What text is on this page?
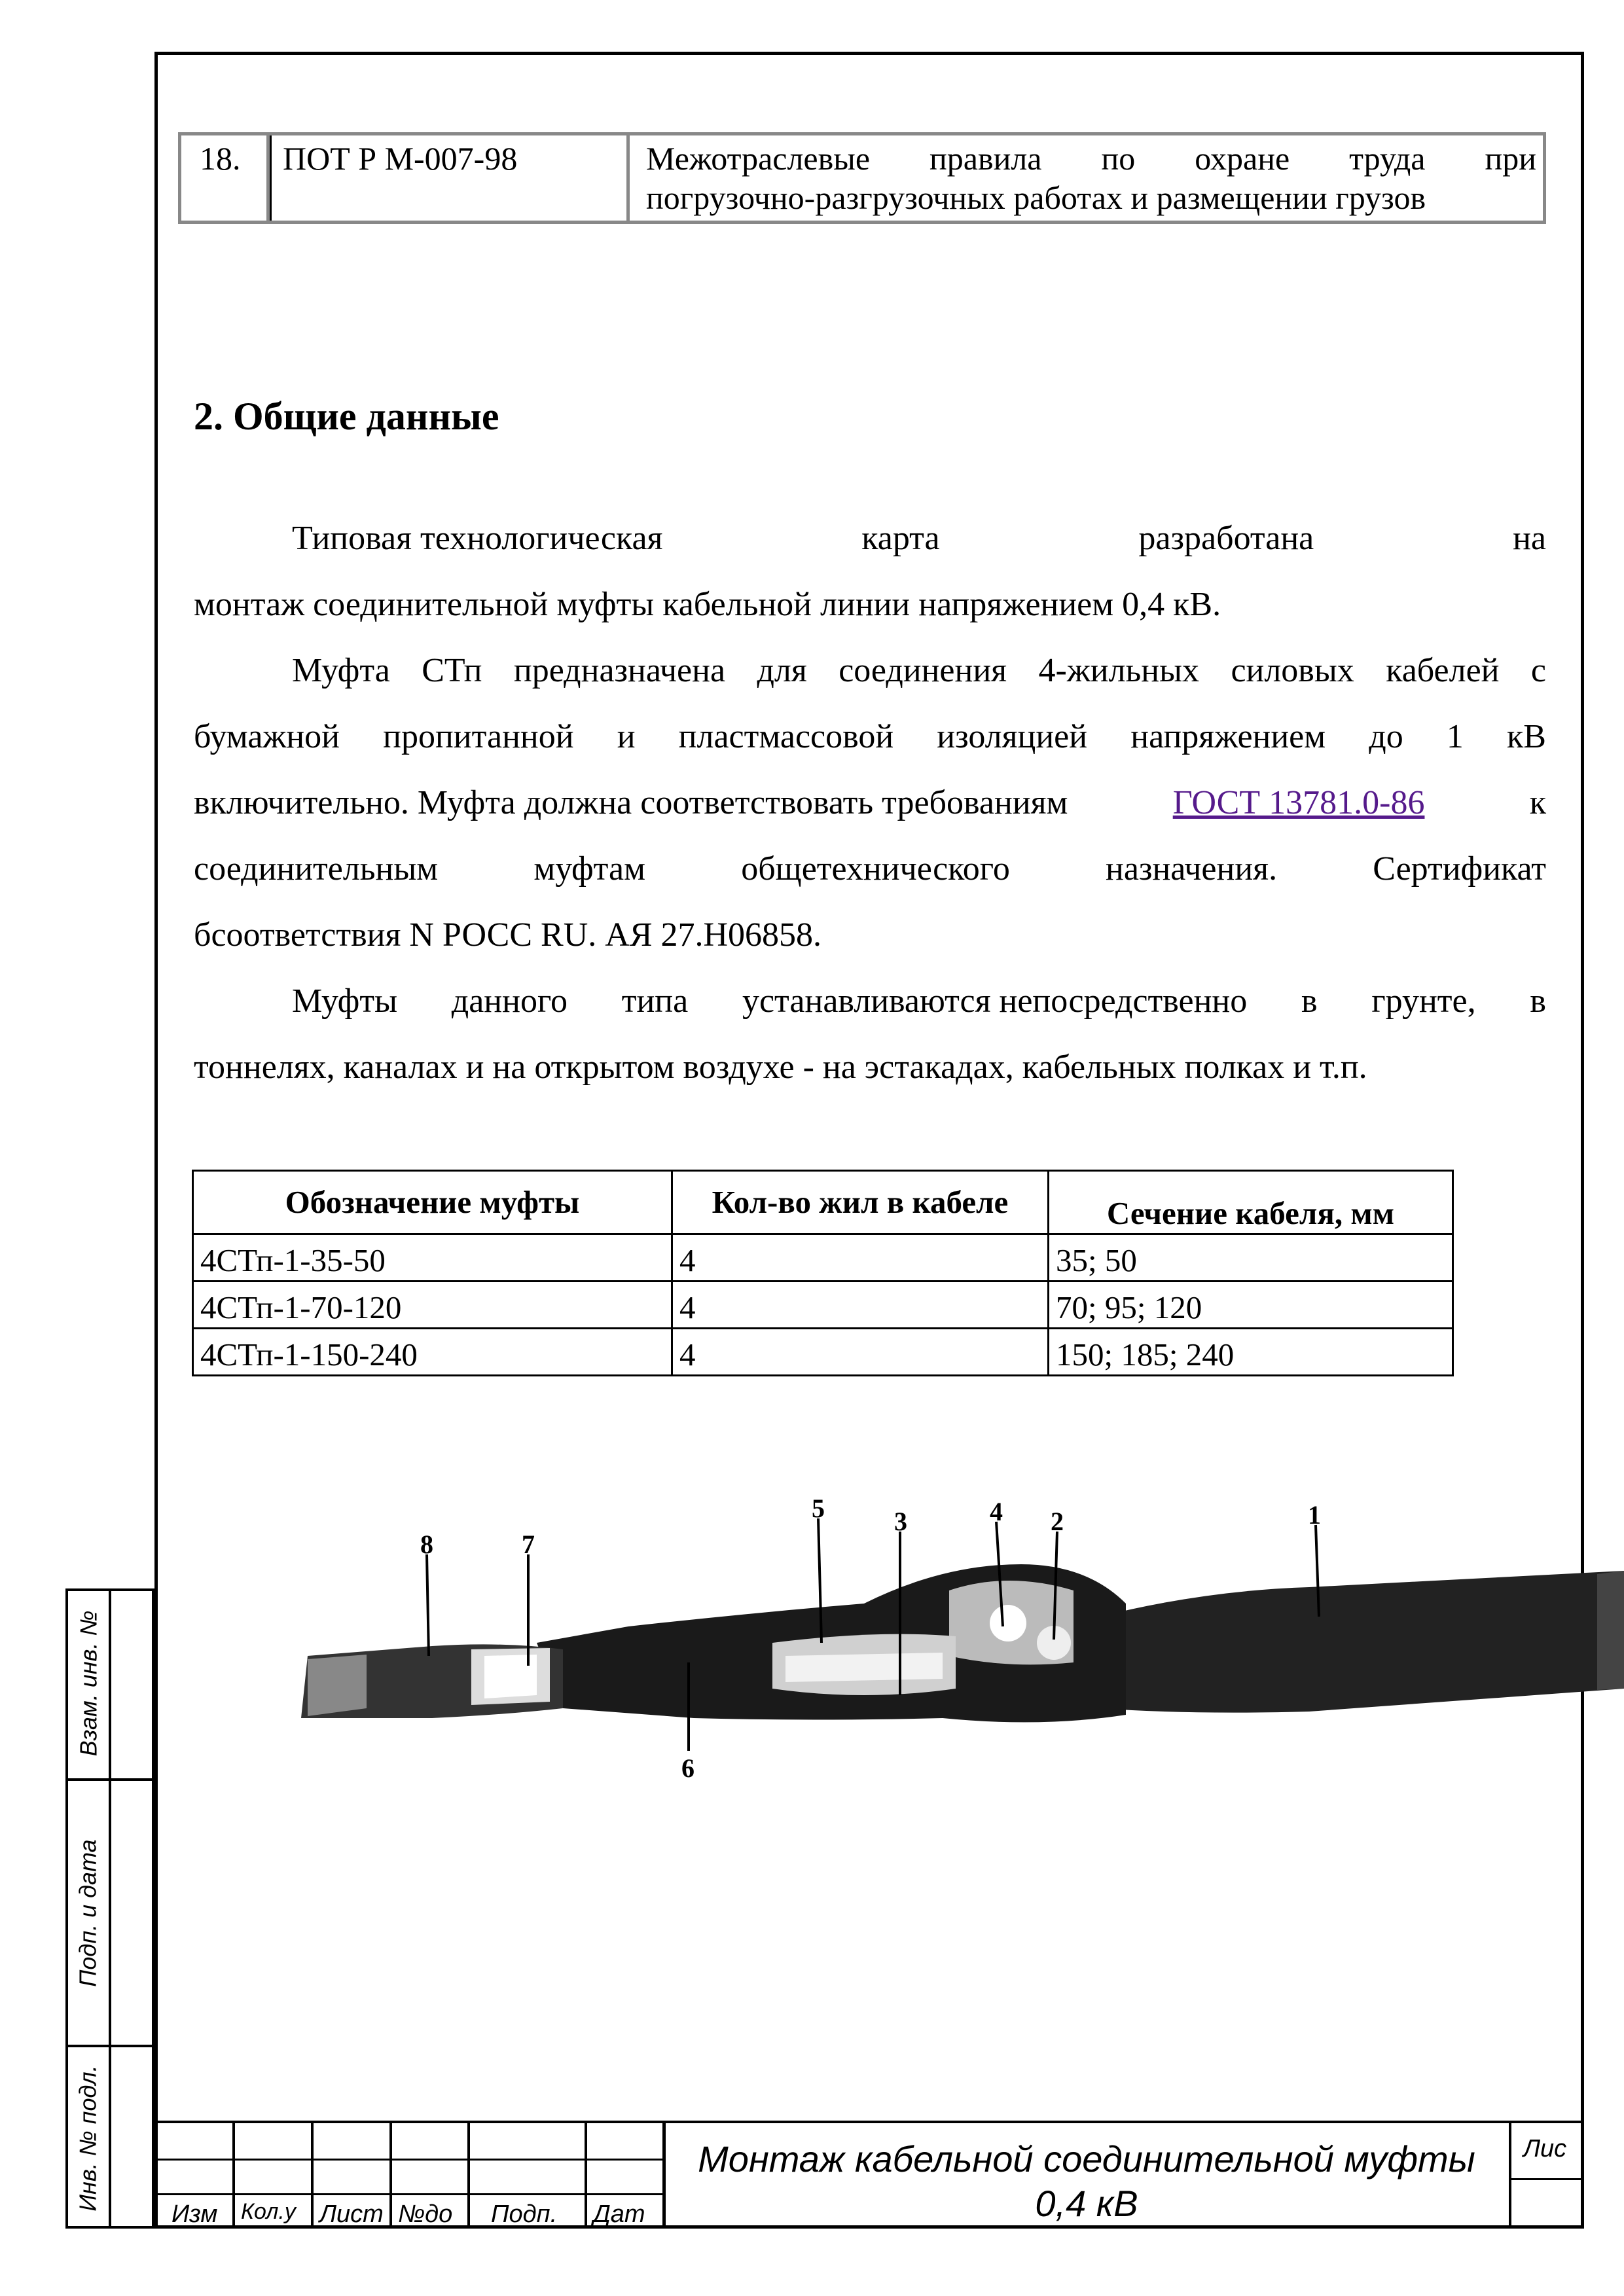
18. ПОТ Р М-007-98	Межотраслевые правила по охране труда при
погрузочно-разгрузочных работах и размещении грузов
2. Общие данные
Типовая технологическая	карта	разработана	на
монтаж соединительной муфты кабельной линии напряжением 0,4 кВ.
Муфта СТп предназначена для соединения 4-жильных силовых кабелей с
бумажной пропитанной и пластмассовой изоляцией напряжением до 1 кВ
включительно. Муфта должна соответствовать требованиям	ГОСТ 13781.0-86	к
соединительным	муфтам	общетехнического	назначения.	Сертификат
бсоответствия N РОСС RU. АЯ 27.Н06858.
Муфты данного типа устанавливаются непосредственно в грунте, в
тоннелях, каналах и на открытом воздухе - на эстакадах, кабельных полках и т.п.
Обозначение муфты	Кол-во жил в кабеле	Сечение кабеля, мм
4СТп-1-35-50	4	35; 50
4СТп-1-70-120	4	70; 95; 120
4СТп-1-150-240	4	150; 185; 240
1
2
3	4
5
6
7
8
Взам. инв. №
Подп. и дата
Инв. № подл.
Изм Кол.у Лист №до Подп. Дат
Монтаж кабельной соединительной муфты
0,4 кВ
Лис
